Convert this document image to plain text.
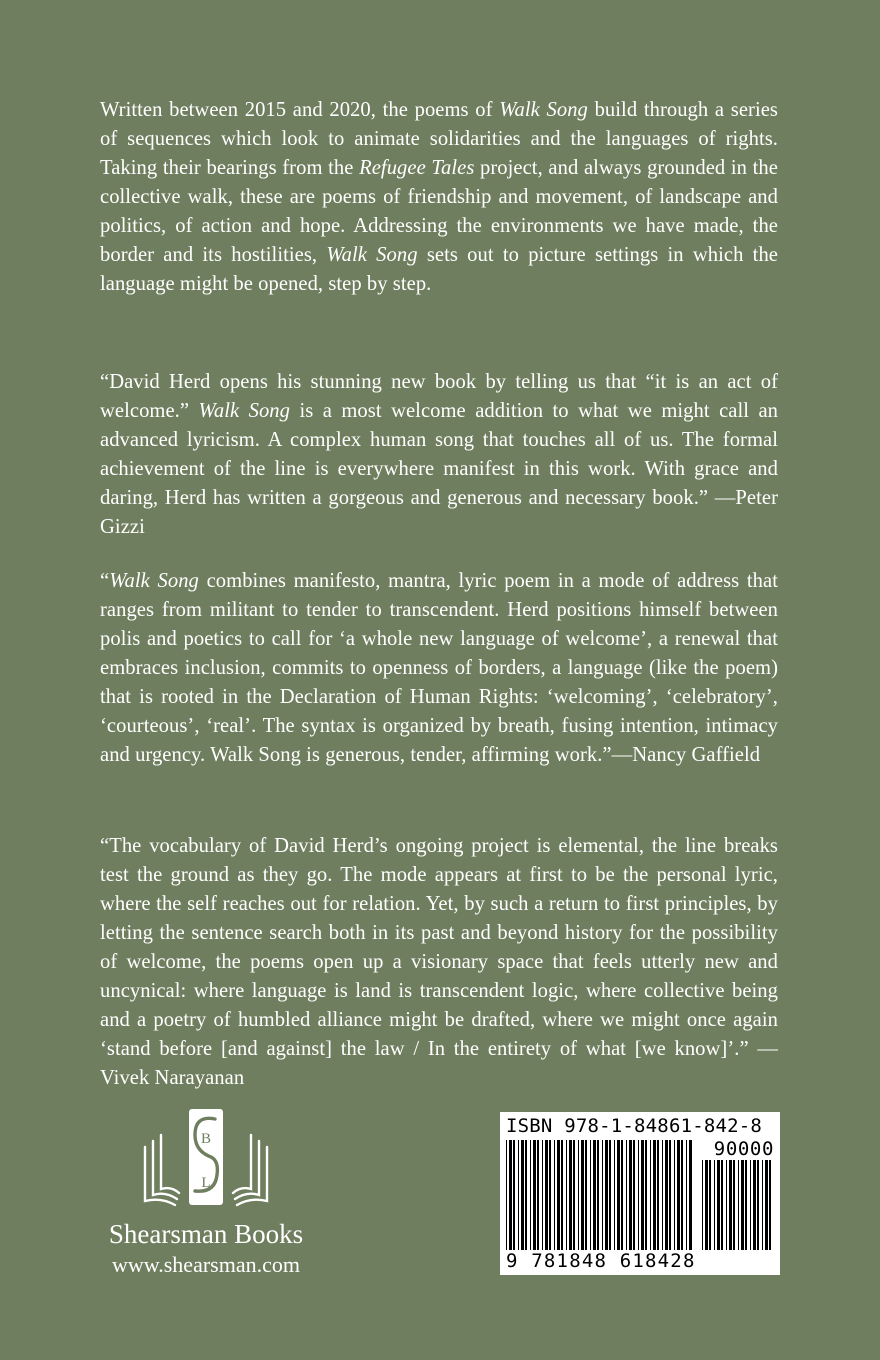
Written between 2015 and 2020, the poems of Walk Song build through a series of sequences which look to animate solidarities and the languages of rights. Taking their bearings from the Refugee Tales project, and always grounded in the collective walk, these are poems of friendship and movement, of landscape and politics, of action and hope. Addressing the environments we have made, the border and its hostilities, Walk Song sets out to picture settings in which the language might be opened, step by step.

“David Herd opens his stunning new book by telling us that “it is an act of welcome.” Walk Song is a most welcome addition to what we might call an advanced lyricism. A complex human song that touches all of us. The formal achievement of the line is everywhere manifest in this work. With grace and daring, Herd has written a gorgeous and generous and necessary book.” —Peter Gizzi

“Walk Song combines manifesto, mantra, lyric poem in a mode of address that ranges from militant to tender to transcendent. Herd positions himself between polis and poetics to call for ‘a whole new language of welcome’, a renewal that embraces inclusion, commits to openness of borders, a language (like the poem) that is rooted in the Declaration of Human Rights: ‘welcoming’, ‘celebratory’, ‘courteous’, ‘real’. The syntax is organized by breath, fusing intention, intimacy and urgency. Walk Song is generous, tender, affirming work.”—Nancy Gaffield

“The vocabulary of David Herd’s ongoing project is elemental, the line breaks test the ground as they go. The mode appears at first to be the personal lyric, where the self reaches out for relation. Yet, by such a return to first principles, by letting the sentence search both in its past and beyond history for the possibility of welcome, the poems open up a visionary space that feels utterly new and uncynical: where language is land is transcendent logic, where collective being and a poetry of humbled alliance might be drafted, where we might once again ‘stand before [and against] the law / In the entirety of what [we know]’.” —Vivek Narayanan

B
L
Shearsman Books
www.shearsman.com
ISBN 978-1-84861-842-8
90000
9 781848 618428
